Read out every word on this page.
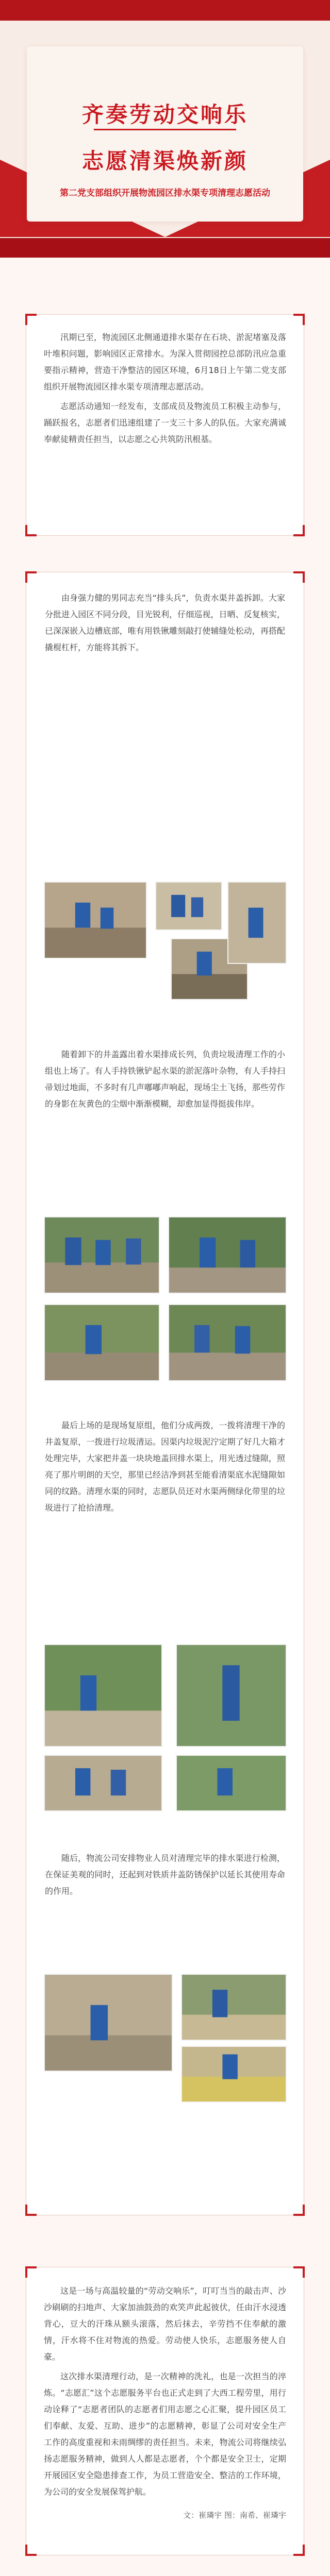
齐奏劳动交响乐
志愿清渠焕新颜
第二党支部组织开展物流园区排水渠专项清理志愿活动

汛期已至，物流园区北侧通道排水渠存在石块、淤泥堵塞及落叶堆积问题，影响园区正常排水。为深入贯彻园控总部防汛应急重要指示精神，营造干净整洁的园区环境，6月18日上午第二党支部组织开展物流园区排水渠专项清理志愿活动。

志愿活动通知一经发布，支部成员及物流员工积极主动参与，踊跃报名，志愿者们迅速组建了一支三十多人的队伍。大家充满诚奉献徒精责任担当，以志愿之心共筑防汛根基。

由身强力健的男同志充当“排头兵”，负责水渠井盖拆卸。大家分批进入园区不同分段，目光锐利，仔细巡视，日晒、反复核实，已深深嵌入边槽底部，唯有用铁锹雕刻敲打使辅缝处松动，再搭配撬棍杠杆，方能将其拆下。

随着卸下的井盖露出着水渠排成长列，负责垃圾清理工作的小组也上场了。有人手持铁锹铲起水渠的淤泥落叶杂物，有人手持扫帚划过地面，不多时有几声嘟嘟声响起，现场尘土飞扬，那些劳作的身影在灰黄色的尘烟中渐渐模糊，却愈加显得挺拔伟岸。

最后上场的是现场复原组，他们分成两拨，一拨将清理干净的井盖复原，一拨进行垃圾清运。因渠内垃圾泥泞定期了好几大箱才处理完毕，大家把井盖一块块地盖回排水渠上，用光透过缝隙，照亮了那片明朗的天空，那里已经洁净到甚至能看清渠底水泥缝隙如同的纹路。清理水渠的同时，志愿队员还对水渠两侧绿化带里的垃圾进行了抢拾清理。

随后，物流公司安排物业人员对清理完毕的排水渠进行检测，在保证美观的同时，还起到对铁质井盖防锈保护以延长其使用寿命的作用。

这是一场与高温较量的“劳动交响乐”，叮叮当当的敲击声、沙沙刷刷的扫地声、大家加油鼓劲的欢笑声此起彼伏，任由汗水浸透背心，豆大的汗珠从额头滚落，然后抹去，辛劳挡不住奉献的激情，汗水将不住对物流的热爱。劳动使人快乐，志愿服务使人自豪。

这次排水渠清理行动，是一次精神的洗礼，也是一次担当的淬炼。“志愿汇”这个志愿服务平台也正式走到了大西工程劳里，用行动诠释了“志愿者团队的志愿者们用志愿之心汇聚，提升园区员工们奉献、友爱、互助、进步”的志愿精神，彰显了公司对安全生产工作的高度重视和未雨绸缪的责任担当。未来，物流公司将继续弘扬志愿服务精神，做到人人都是志愿者，个个都是安全卫士，定期开展园区安全隐患排查工作，为员工营造安全、整洁的工作环境，为公司的安全发展保驾护航。

文：崔璘宇 图：南希、崔璘宇
